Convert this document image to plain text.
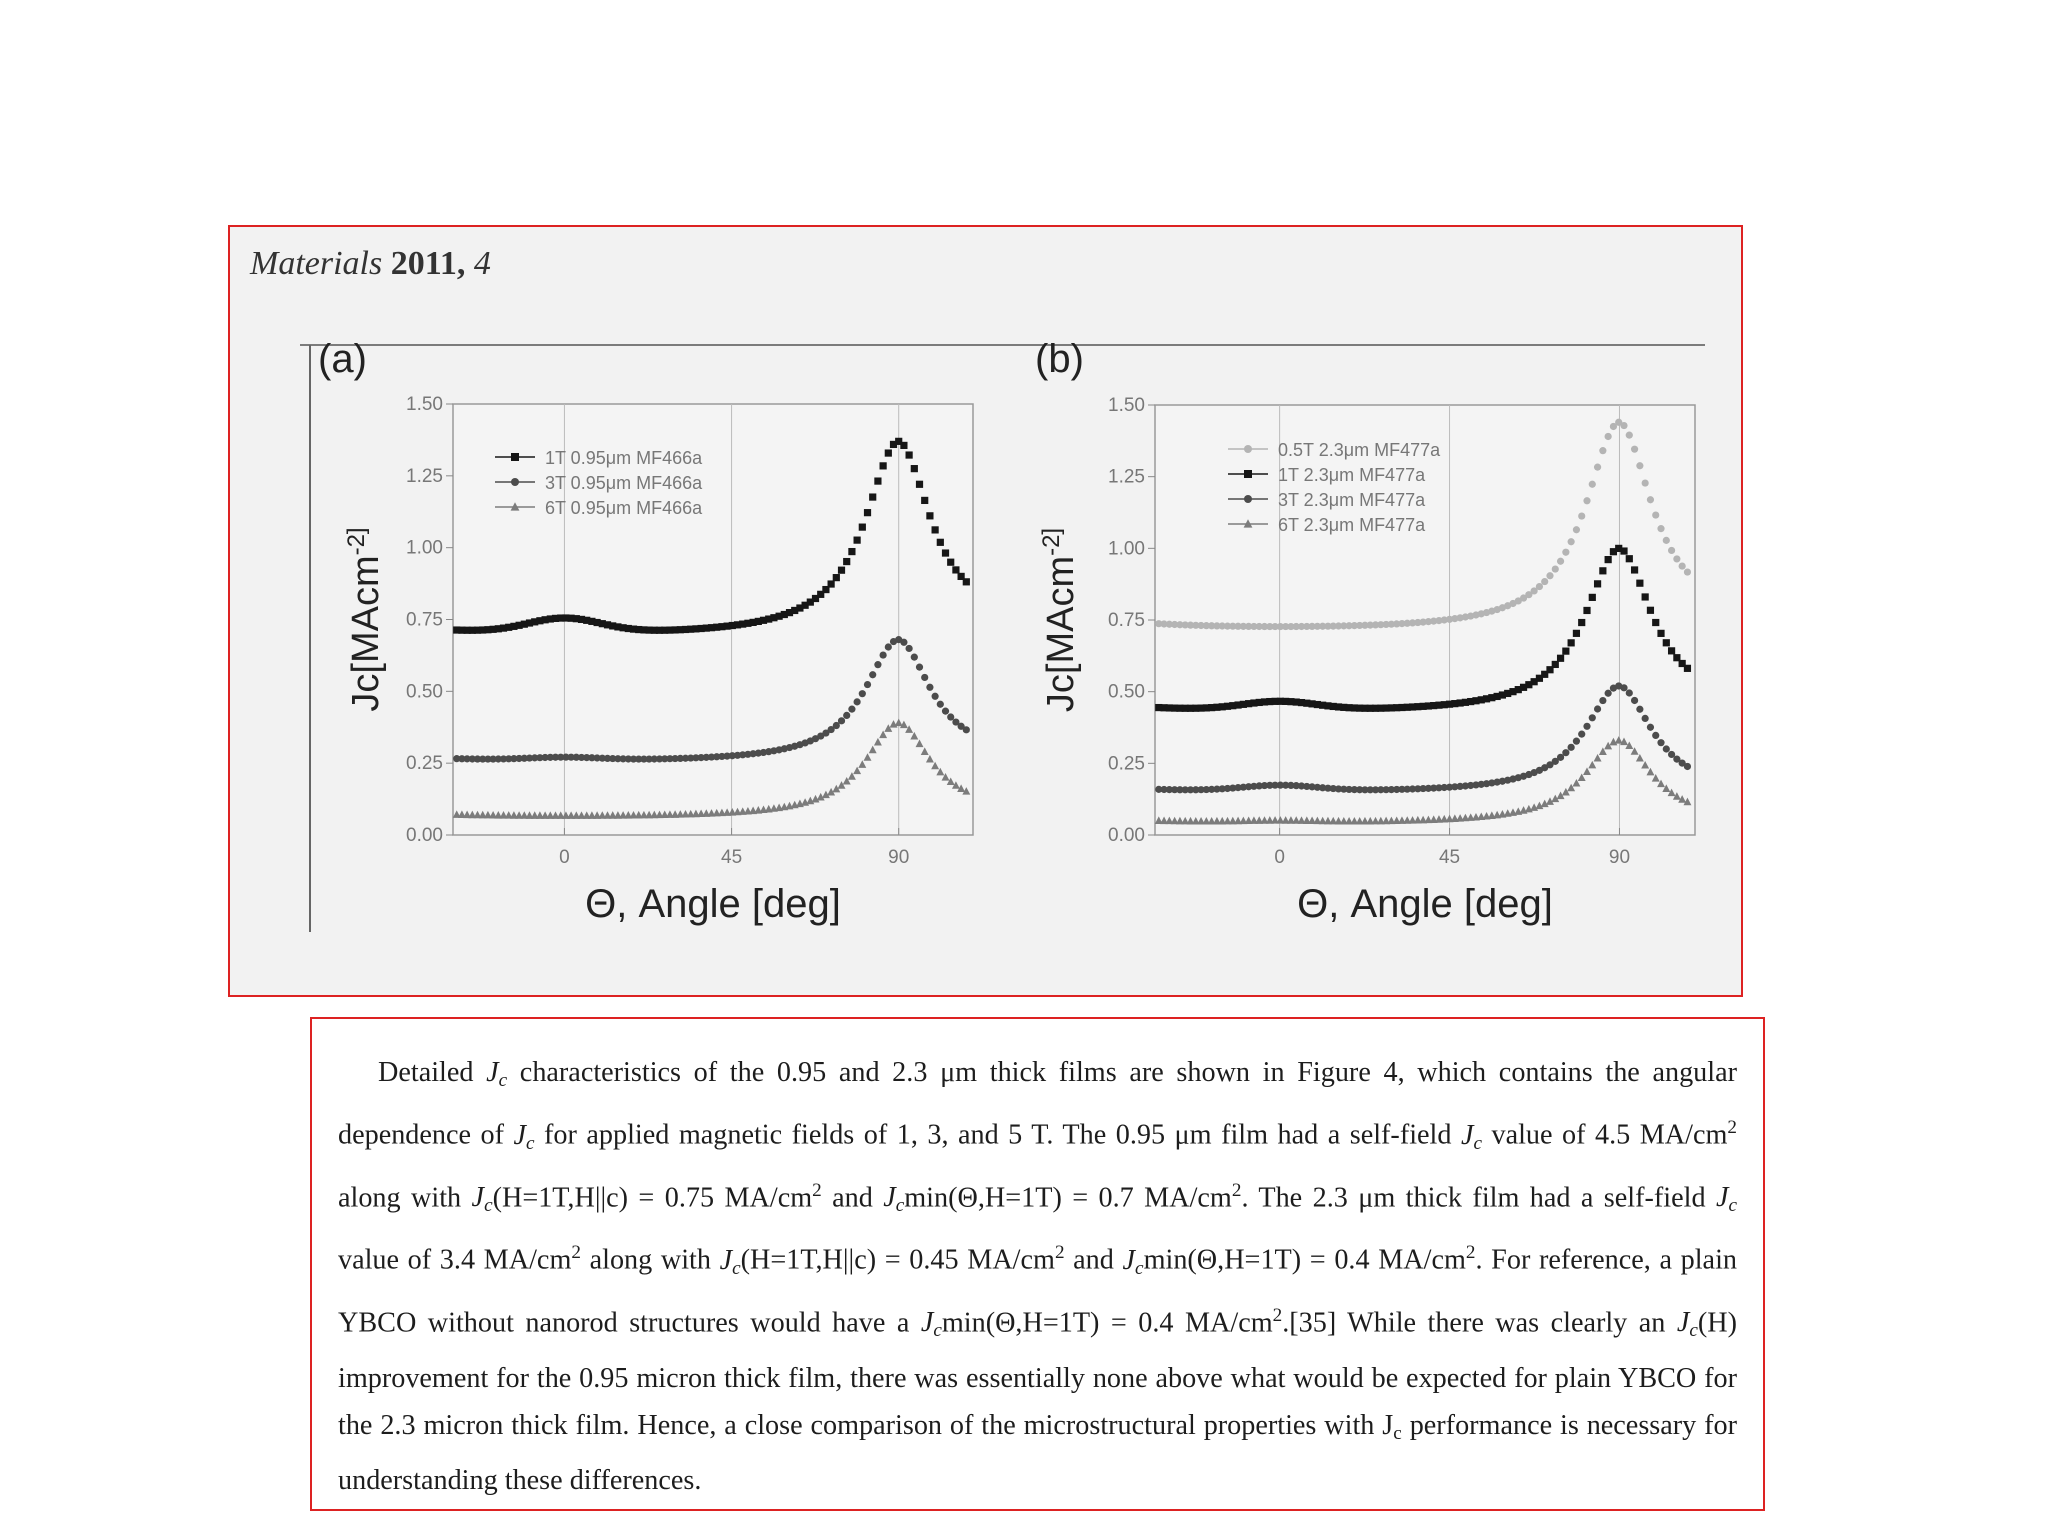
0	45	90
0.00
0.25
0.50
0.75
1.00
1.25
1.50
(a)
Θ, Angle [deg]
Jc[MAcm$^{-2]}$
1T 0.95μm MF466a
3T 0.95μm MF466a
6T 0.95μm MF466a
0	45	90
0.00
0.25
0.50
0.75
1.00
1.25
1.50
(b)
Θ, Angle [deg]
Jc[MAcm$^{-2]}$
0.5T 2.3μm MF477a
1T 2.3μm MF477a
3T 2.3μm MF477a
6T 2.3μm MF477a
Materials 2011, 4

Detailed $J_c$ characteristics of the 0.95 and 2.3 μm thick films are shown in Figure 4, which contains the angular dependence of $J_c$ for applied magnetic fields of 1, 3, and 5 T. The 0.95 μm film had a self-field $J_c$ value of 4.5 $MA/cm^2$ along with $J_c(H=1T,H||c) = 0.75$ $MA/cm^2$ and $J_c\min(\Theta,H=1T) = 0.7$ $MA/cm^2$. The 2.3 μm thick film had a self-field $J_c$ value of 3.4 $MA/cm^2$ along with $J_c(H=1T,H||c) = 0.45$ $MA/cm^2$ and $J_c\min(\Theta,H=1T) = 0.4$ $MA/cm^2$. For reference, a plain YBCO without nanorod structures would have a $J_c\min(\Theta,H=1T) = 0.4$ $MA/cm^2.[35]$ While there was clearly an $J_c(H)$ improvement for the 0.95 micron thick film, there was essentially none above what would be expected for plain YBCO for the 2.3 micron thick film. Hence, a close comparison of the microstructural properties with $J_c$ performance is necessary for understanding these differences.
